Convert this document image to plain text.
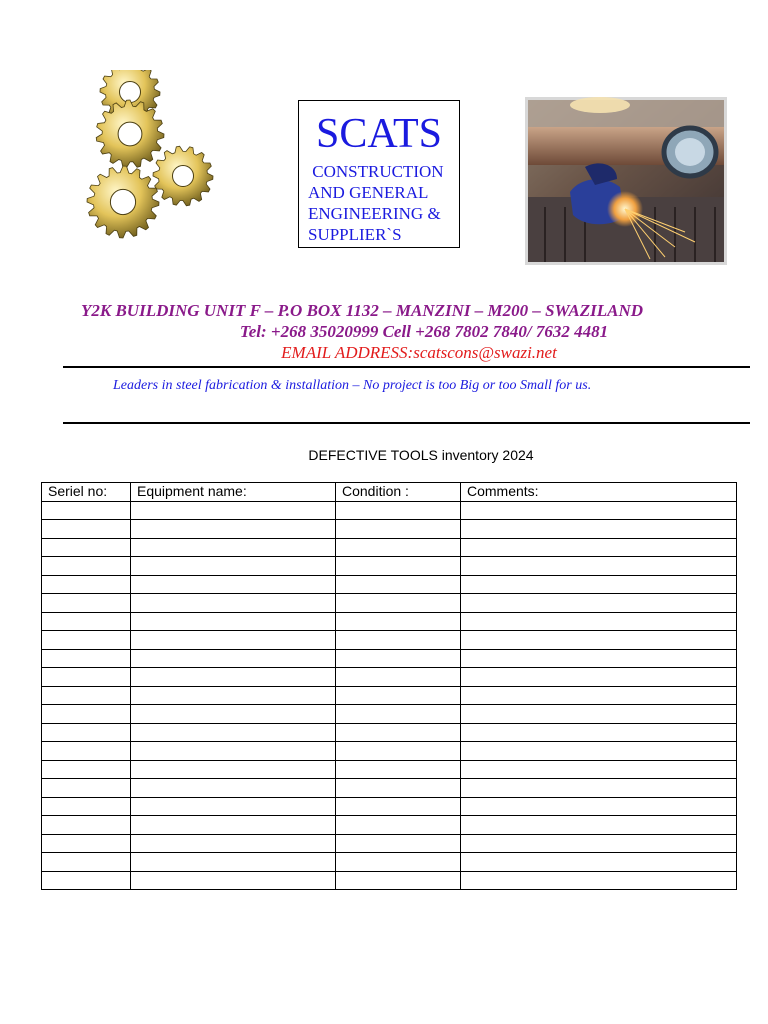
SCATS
CONSTRUCTION
AND GENERAL
ENGINEERING &
SUPPLIER`S
Y2K BUILDING UNIT F – P.O BOX 1132 – MANZINI – M200 – SWAZILAND
Tel: +268 35020999 Cell +268 7802 7840/ 7632 4481
EMAIL ADDRESS:scatscons@swazi.net
Leaders in steel fabrication & installation – No project is too Big or too Small for us.
DEFECTIVE TOOLS inventory 2024
Seriel no:	Equipment name:	Condition :	Comments:
